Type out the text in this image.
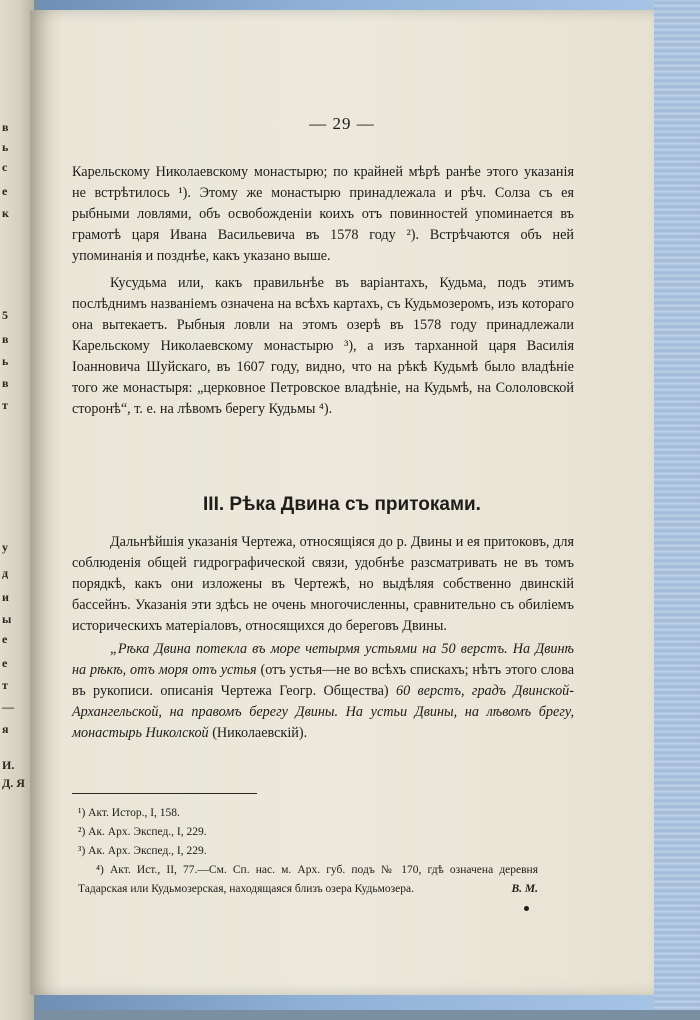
в
ь
с
е
к
5
в
ь
в
т
у
д
и
ы
е
е
т
—
я
И.
Д. Я
— 29 —

Карельскому Николаевскому монастырю; по крайней мѣрѣ ранѣе этого указанія не встрѣтилось ¹). Этому же монастырю принадлежала и рѣч. Солза съ ея рыбными ловлями, объ освобожденіи коихъ отъ повинностей упоминается въ грамотѣ царя Ивана Васильевича въ 1578 году ²). Встрѣчаются объ ней упоминанія и позднѣе, какъ указано выше.

Кусудьма или, какъ правильнѣе въ варіантахъ, Кудьма, подъ этимъ послѣднимъ названіемъ означена на всѣхъ картахъ, съ Кудьмозеромъ, изъ котораго она вытекаетъ. Рыбныя ловли на этомъ озерѣ въ 1578 году принадлежали Карельскому Николаевскому монастырю ³), а изъ тарханной царя Василія Іоанновича Шуйскаго, въ 1607 году, видно, что на рѣкѣ Кудьмѣ было владѣніе того же монастыря: „церковное Петровское владѣніе, на Кудьмѣ, на Сололовской сторонѣ“, т. е. на лѣвомъ берегу Кудьмы ⁴).

III. Рѣка Двина съ притоками.

Дальнѣйшія указанія Чертежа, относящіяся до р. Двины и ея притоковъ, для соблюденія общей гидрографической связи, удобнѣе разсматривать не въ томъ порядкѣ, какъ они изложены въ Чертежѣ, но выдѣляя собственно двинскій бассейнъ. Указанія эти здѣсь не очень многочисленны, сравнительно съ обиліемъ историческихъ матеріаловъ, относящихся до береговъ Двины.

„Рѣка Двина потекла въ море четырмя устьями на 50 верстъ. На Двинѣ на рѣкѣ, отъ моря отъ устья (отъ устья—не во всѣхъ спискахъ; нѣтъ этого слова въ рукописи. описанія Чертежа Геогр. Общества) 60 верстъ, градъ Двинской- Архангельской, на правомъ берегу Двины. На устьи Двины, на лѣвомъ брегу, монастырь Николской (Николаевскій).

¹) Акт. Истор., I, 158.

²) Ак. Арх. Экспед., I, 229.

³) Ак. Арх. Экспед., I, 229.

⁴) Акт. Ист., II, 77.—См. Сп. нас. м. Арх. губ. подъ № 170, гдѣ означена деревня Тадарская или Кудьмозерская, находящаяся близъ озера Кудьмозера.	В. М.
